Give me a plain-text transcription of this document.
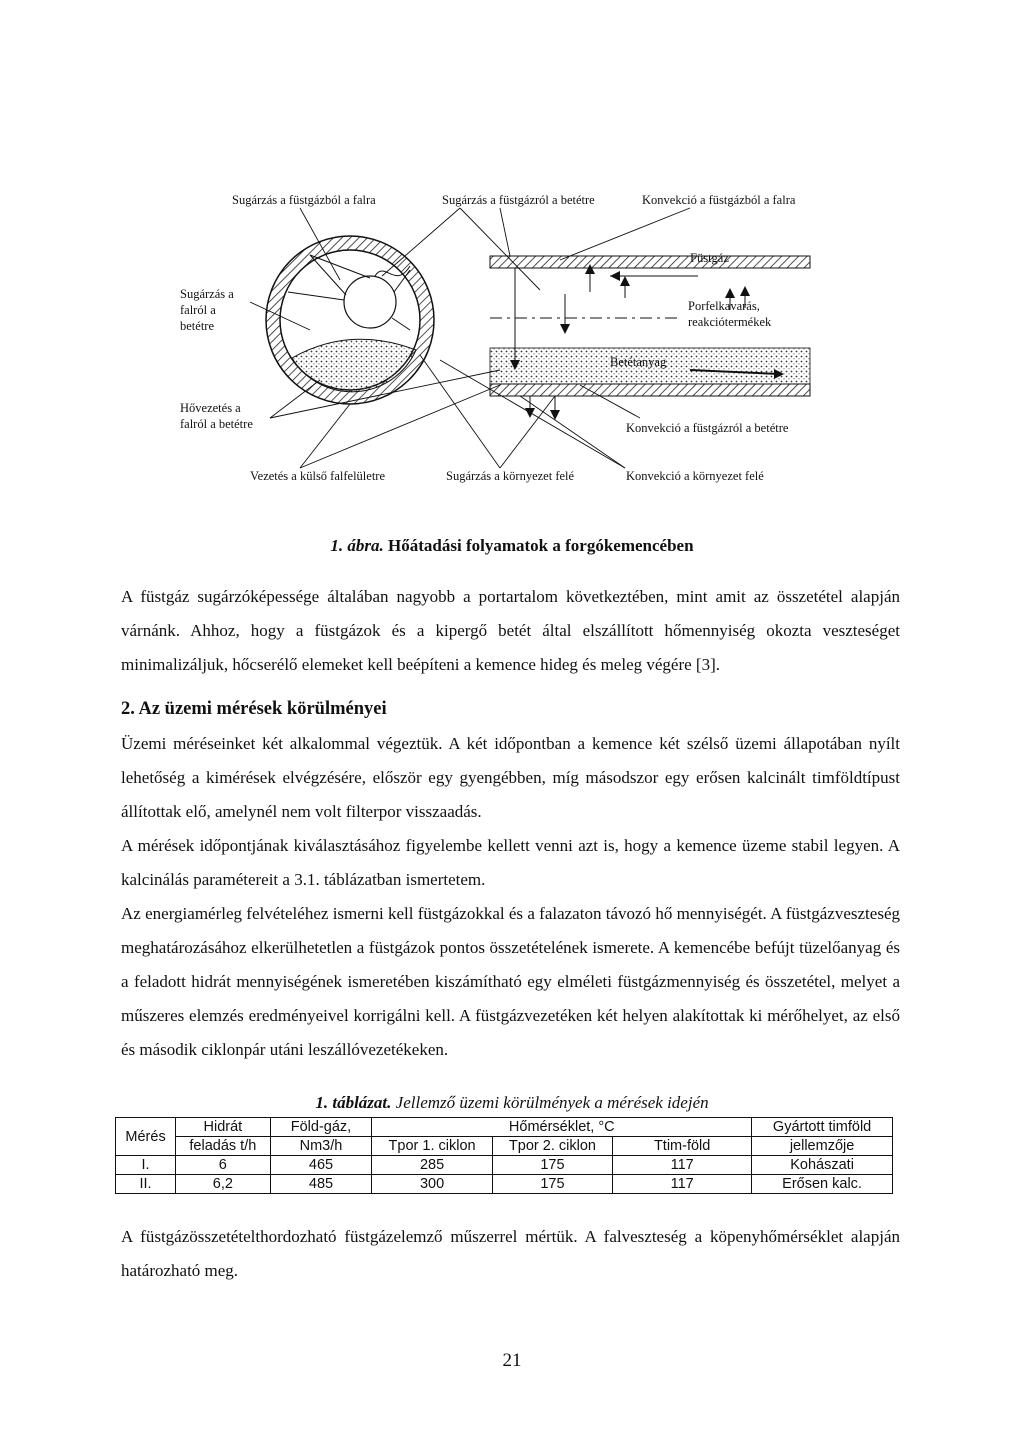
Sugárzás a füstgázból a falra	Sugárzás a füstgázról a betétre	Konvekció a füstgázból a falra
Sugárzás a
falról a
betétre
Hővezetés a
falról a betétre
Füstgáz
Porfelkavarás,
reakciótermékek
Betétanyag
Konvekció a füstgázról a betétre
Vezetés a külső falfelületre	Sugárzás a környezet felé	Konvekció a környezet felé
1. ábra. Hőátadási folyamatok a forgókemencében

A füstgáz sugárzóképessége általában nagyobb a portartalom következtében, mint amit az összetétel alapján várnánk. Ahhoz, hogy a füstgázok és a kipergő betét által elszállított hőmennyiség okozta veszteséget minimalizáljuk, hőcserélő elemeket kell beépíteni a kemence hideg és meleg végére [3].

2. Az üzemi mérések körülményei

Üzemi méréseinket két alkalommal végeztük. A két időpontban a kemence két szélső üzemi állapotában nyílt lehetőség a kimérések elvégzésére, először egy gyengébben, míg másodszor egy erősen kalcinált timföldtípust állítottak elő, amelynél nem volt filterpor visszaadás.

A mérések időpontjának kiválasztásához figyelembe kellett venni azt is, hogy a kemence üzeme stabil legyen. A kalcinálás paramétereit a 3.1. táblázatban ismertetem.

Az energiamérleg felvételéhez ismerni kell füstgázokkal és a falazaton távozó hő mennyiségét. A füstgázveszteség meghatározásához elkerülhetetlen a füstgázok pontos összetételének ismerete. A kemencébe befújt tüzelőanyag és a feladott hidrát mennyiségének ismeretében kiszámítható egy elméleti füstgázmennyiség és összetétel, melyet a műszeres elemzés eredményeivel korrigálni kell. A füstgázvezetéken két helyen alakítottak ki mérőhelyet, az első és második ciklonpár utáni leszállóvezetékeken.

1. táblázat. Jellemző üzemi körülmények a mérések idején
Mérés	Hidrát	Föld-gáz,	Hőmérséklet, °C			Gyártott timföld
	feladás t/h	Nm3/h	Tpor 1. ciklon	Tpor 2. ciklon	Ttim-föld	jellemzője
I.	6	465	285	175	117	Kohászati
II.	6,2	485	300	175	117	Erősen kalc.

A füstgázösszetételthordozható füstgázelemző műszerrel mértük. A falveszteség a köpenyhőmérséklet alapján határozható meg.

21
